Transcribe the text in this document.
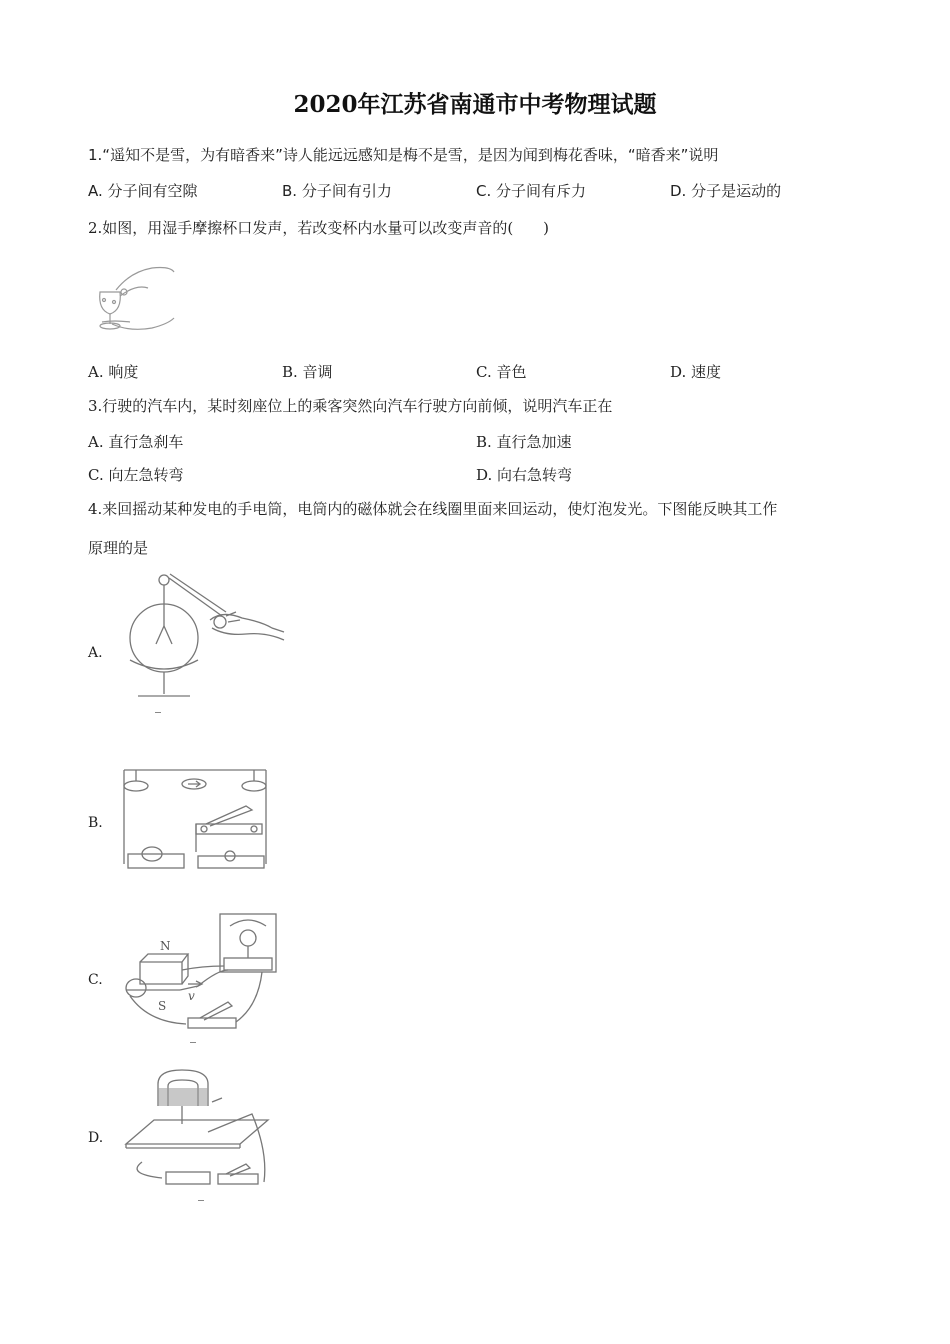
2020年江苏省南通市中考物理试题
1.“遥知不是雪，为有暗香来”诗人能远远感知是梅不是雪，是因为闻到梅花香味，“暗香来”说明
A. 分子间有空隙	B. 分子间有引力	C. 分子间有斥力	D. 分子是运动的
2.如图，用湿手摩擦杯口发声，若改变杯内水量可以改变声音的(　　)
A. 响度	B. 音调	C. 音色	D. 速度
3.行驶的汽车内，某时刻座位上的乘客突然向汽车行驶方向前倾，说明汽车正在
A. 直行急刹车	B. 直行急加速
C. 向左急转弯	D. 向右急转弯
4.来回摇动某种发电的手电筒，电筒内的磁体就会在线圈里面来回运动，使灯泡发光。下图能反映其工作
原理的是
A.
B.
C.
N
S
v
D.
